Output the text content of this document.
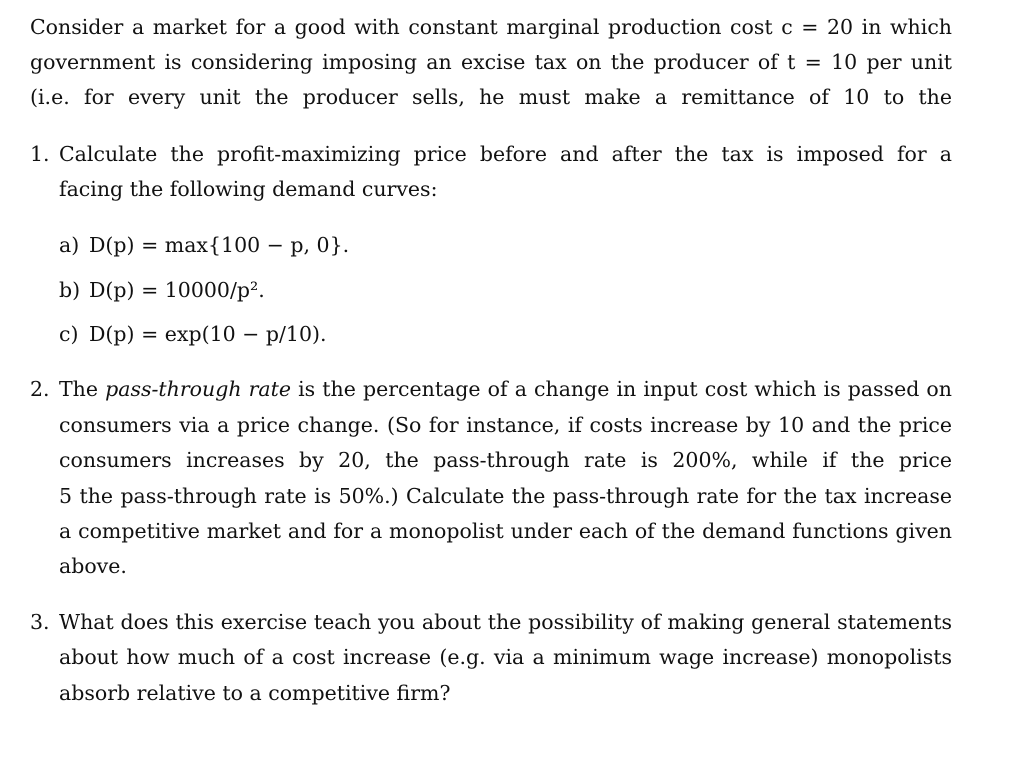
Consider a market for a good with constant marginal production cost c = 20 in which
government is considering imposing an excise tax on the producer of t = 10 per unit
(i.e. for every unit the producer sells, he must make a remittance of 10 to the
1. Calculate the profit-maximizing price before and after the tax is imposed for a
facing the following demand curves:
a) D(p) = max{100 − p, 0}.
b) D(p) = 10000/p².
c) D(p) = exp(10 − p/10).
2. The pass-through rate is the percentage of a change in input cost which is passed on
consumers via a price change. (So for instance, if costs increase by 10 and the price
consumers increases by 20, the pass-through rate is 200%, while if the price
5 the pass-through rate is 50%.) Calculate the pass-through rate for the tax increase
a competitive market and for a monopolist under each of the demand functions given
above.
3. What does this exercise teach you about the possibility of making general statements
about how much of a cost increase (e.g. via a minimum wage increase) monopolists
absorb relative to a competitive firm?
